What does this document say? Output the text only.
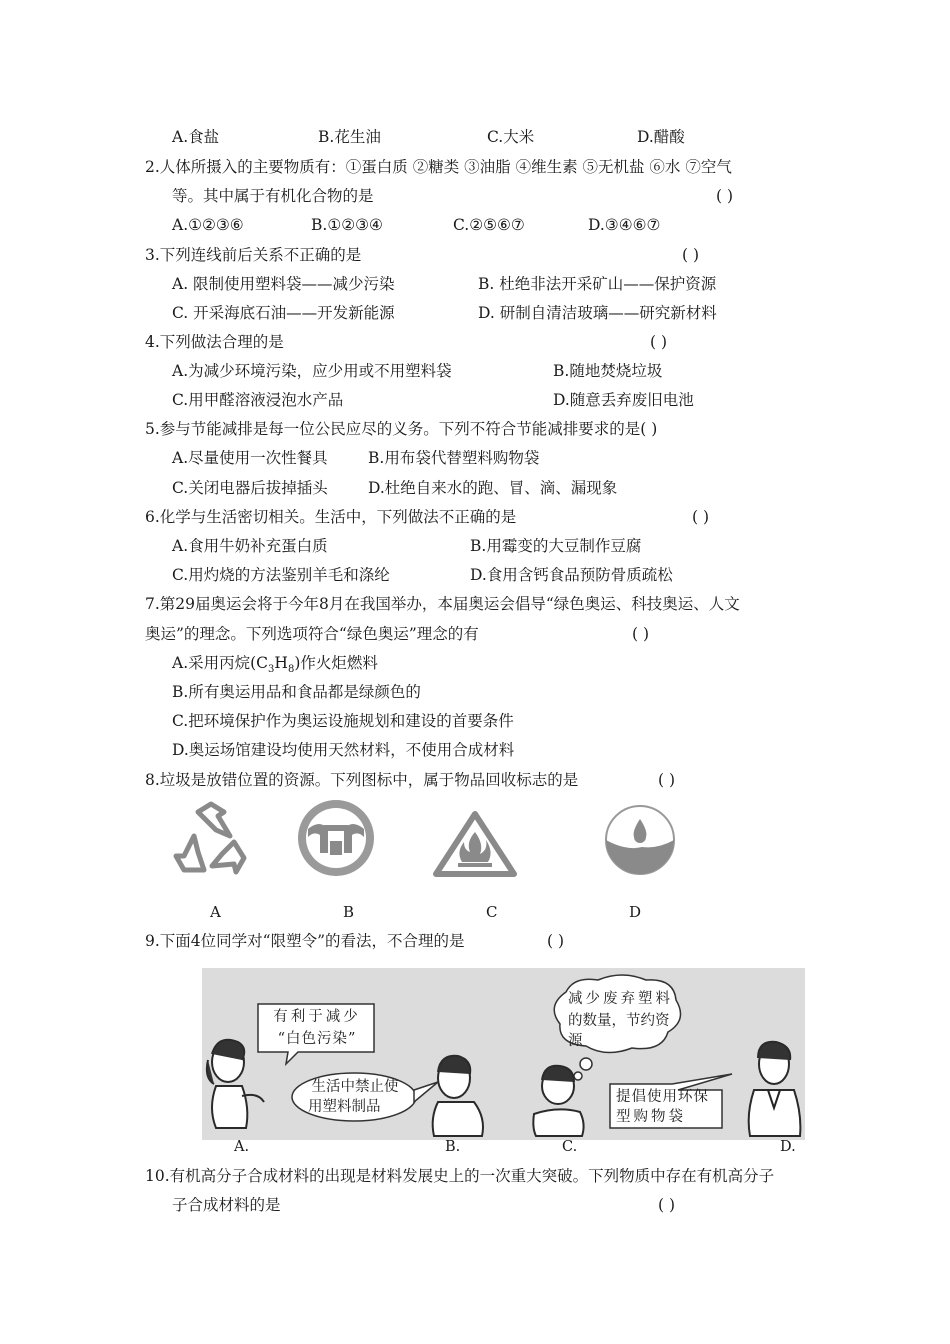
A.食盐	B.花生油	C.大米	D.醋酸
2.人体所摄入的主要物质有：①蛋白质 ②糖类 ③油脂 ④维生素 ⑤无机盐 ⑥水 ⑦空气
等。其中属于有机化合物的是	( )
A.①②③⑥	B.①②③④	C.②⑤⑥⑦	D.③④⑥⑦
3.下列连线前后关系不正确的是	( )
A. 限制使用塑料袋——减少污染	B. 杜绝非法开采矿山——保护资源
C. 开采海底石油——开发新能源	D. 研制自清洁玻璃——研究新材料
4.下列做法合理的是	( )
A.为减少环境污染，应少用或不用塑料袋	B.随地焚烧垃圾
C.用甲醛溶液浸泡水产品	D.随意丢弃废旧电池
5.参与节能减排是每一位公民应尽的义务。下列不符合节能减排要求的是( )
A.尽量使用一次性餐具	B.用布袋代替塑料购物袋
C.关闭电器后拔掉插头	D.杜绝自来水的跑、冒、滴、漏现象
6.化学与生活密切相关。生活中，下列做法不正确的是	( )
A.食用牛奶补充蛋白质	B.用霉变的大豆制作豆腐
C.用灼烧的方法鉴别羊毛和涤纶	D.食用含钙食品预防骨质疏松
7.第29届奥运会将于今年8月在我国举办，本届奥运会倡导“绿色奥运、科技奥运、人文
奥运”的理念。下列选项符合“绿色奥运”理念的有	( )
A.采用丙烷$(C_3H_8)$作火炬燃料
B.所有奥运用品和食品都是绿颜色的
C.把环境保护作为奥运设施规划和建设的首要条件
D.奥运场馆建设均使用天然材料，不使用合成材料
8.垃圾是放错位置的资源。下列图标中，属于物品回收标志的是	( )
A	B	C	D
9.下面4位同学对“限塑令”的看法，不合理的是	( )
有利于减少
“白色污染”
生活中禁止使
用塑料制品
减少废弃塑料
的数量，节约资
源
提倡使用环保
型购物袋
A.	B.	C.	D.
10.有机高分子合成材料的出现是材料发展史上的一次重大突破。下列物质中存在有机高分子
子合成材料的是	( )
